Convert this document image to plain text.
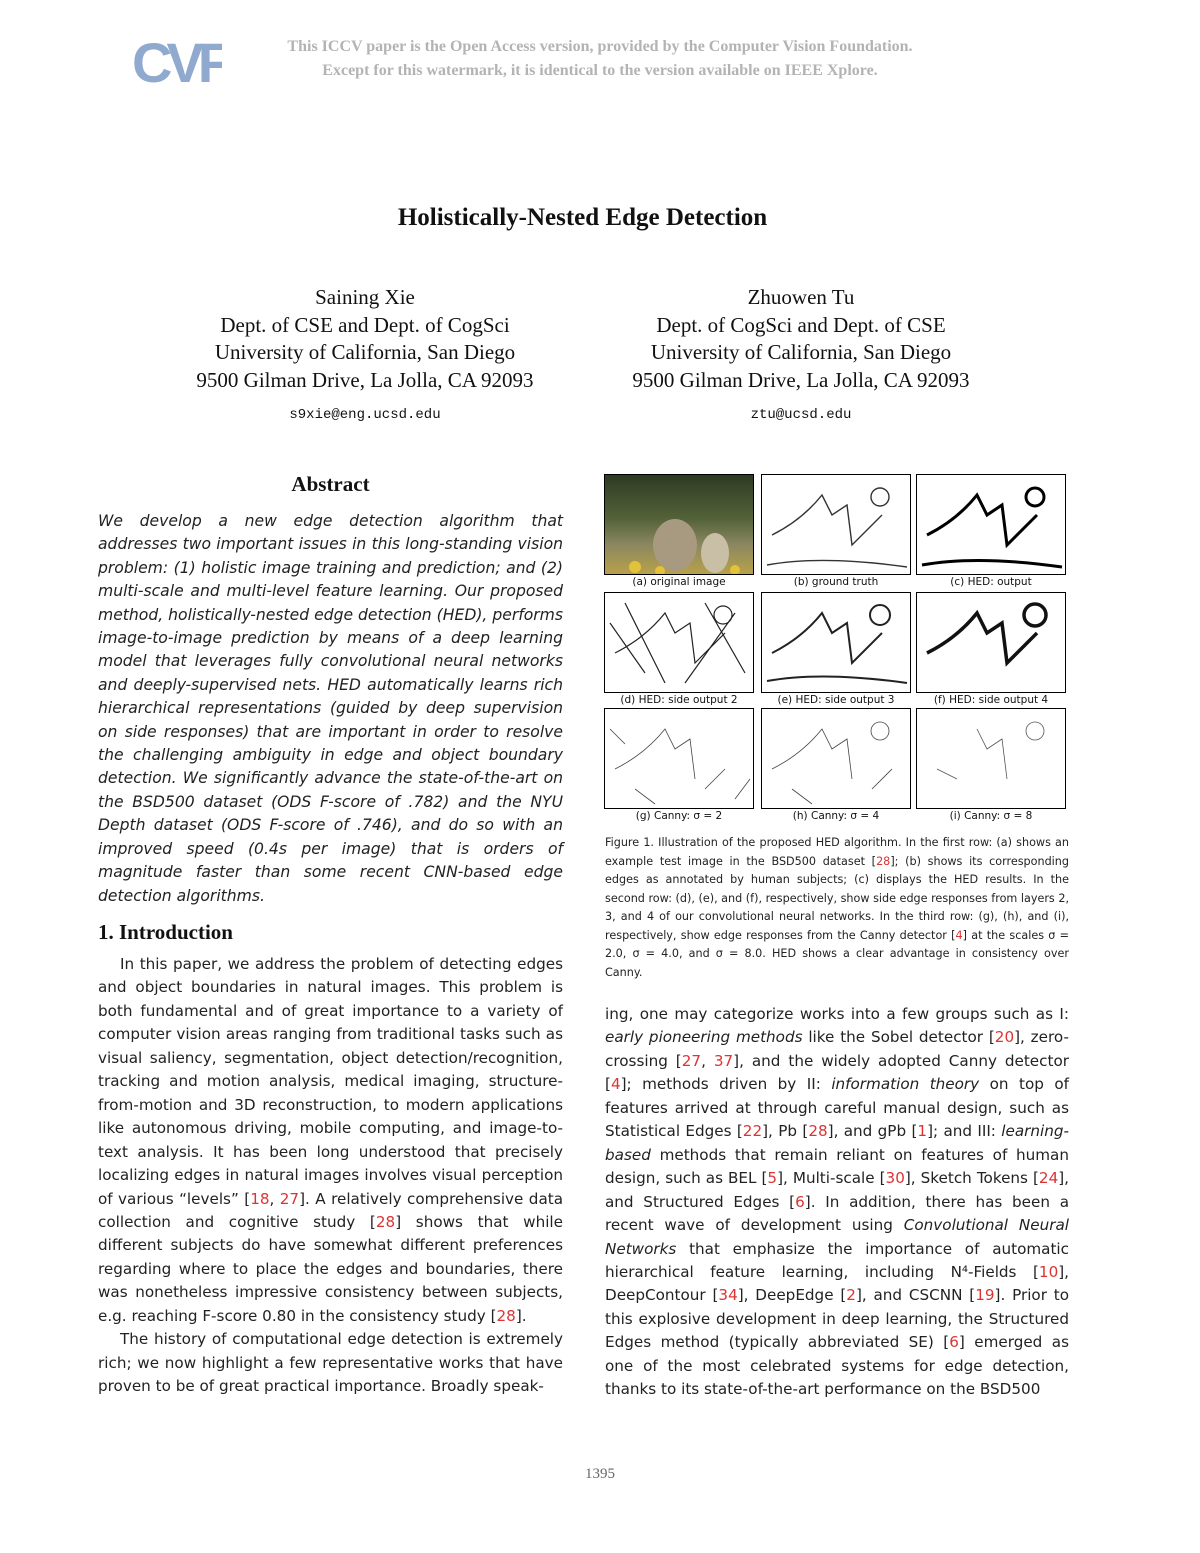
CVF	This ICCV paper is the Open Access version, provided by the Computer Vision Foundation.
Except for this watermark, it is identical to the version available on IEEE Xplore.
Holistically-Nested Edge Detection
Saining Xie
Dept. of CSE and Dept. of CogSci
University of California, San Diego
9500 Gilman Drive, La Jolla, CA 92093
s9xie@eng.ucsd.edu
Zhuowen Tu
Dept. of CogSci and Dept. of CSE
University of California, San Diego
9500 Gilman Drive, La Jolla, CA 92093
ztu@ucsd.edu
Abstract
We develop a new edge detection algorithm that addresses two important issues in this long-standing vision problem: (1) holistic image training and prediction; and (2) multi-scale and multi-level feature learning. Our proposed method, holistically-nested edge detection (HED), performs image-to-image prediction by means of a deep learning model that leverages fully convolutional neural networks and deeply-supervised nets. HED automatically learns rich hierarchical representations (guided by deep supervision on side responses) that are important in order to resolve the challenging ambiguity in edge and object boundary detection. We significantly advance the state-of-the-art on the BSD500 dataset (ODS F-score of .782) and the NYU Depth dataset (ODS F-score of .746), and do so with an improved speed (0.4s per image) that is orders of magnitude faster than some recent CNN-based edge detection algorithms.
1. Introduction

In this paper, we address the problem of detecting edges and object boundaries in natural images. This problem is both fundamental and of great importance to a variety of computer vision areas ranging from traditional tasks such as visual saliency, segmentation, object detection/recognition, tracking and motion analysis, medical imaging, structure-from-motion and 3D reconstruction, to modern applications like autonomous driving, mobile computing, and image-to-text analysis. It has been long understood that precisely localizing edges in natural images involves visual perception of various “levels” [18, 27]. A relatively comprehensive data collection and cognitive study [28] shows that while different subjects do have somewhat different preferences regarding where to place the edges and boundaries, there was nonetheless impressive consistency between subjects, e.g. reaching F-score 0.80 in the consistency study [28].

The history of computational edge detection is extremely rich; we now highlight a few representative works that have proven to be of great practical importance. Broadly speak-

(a) original image	(b) ground truth	(c) HED: output
(d) HED: side output 2	(e) HED: side output 3	(f) HED: side output 4
(g) Canny: σ = 2	(h) Canny: σ = 4	(i) Canny: σ = 8
Figure 1. Illustration of the proposed HED algorithm. In the first row: (a) shows an example test image in the BSD500 dataset [28]; (b) shows its corresponding edges as annotated by human subjects; (c) displays the HED results. In the second row: (d), (e), and (f), respectively, show side edge responses from layers 2, 3, and 4 of our convolutional neural networks. In the third row: (g), (h), and (i), respectively, show edge responses from the Canny detector [4] at the scales σ = 2.0, σ = 4.0, and σ = 8.0. HED shows a clear advantage in consistency over Canny.

ing, one may categorize works into a few groups such as I: early pioneering methods like the Sobel detector [20], zero-crossing [27, 37], and the widely adopted Canny detector [4]; methods driven by II: information theory on top of features arrived at through careful manual design, such as Statistical Edges [22], Pb [28], and gPb [1]; and III: learning-based methods that remain reliant on features of human design, such as BEL [5], Multi-scale [30], Sketch Tokens [24], and Structured Edges [6]. In addition, there has been a recent wave of development using Convolutional Neural Networks that emphasize the importance of automatic hierarchical feature learning, including N⁴-Fields [10], DeepContour [34], DeepEdge [2], and CSCNN [19]. Prior to this explosive development in deep learning, the Structured Edges method (typically abbreviated SE) [6] emerged as one of the most celebrated systems for edge detection, thanks to its state-of-the-art performance on the BSD500

1395
